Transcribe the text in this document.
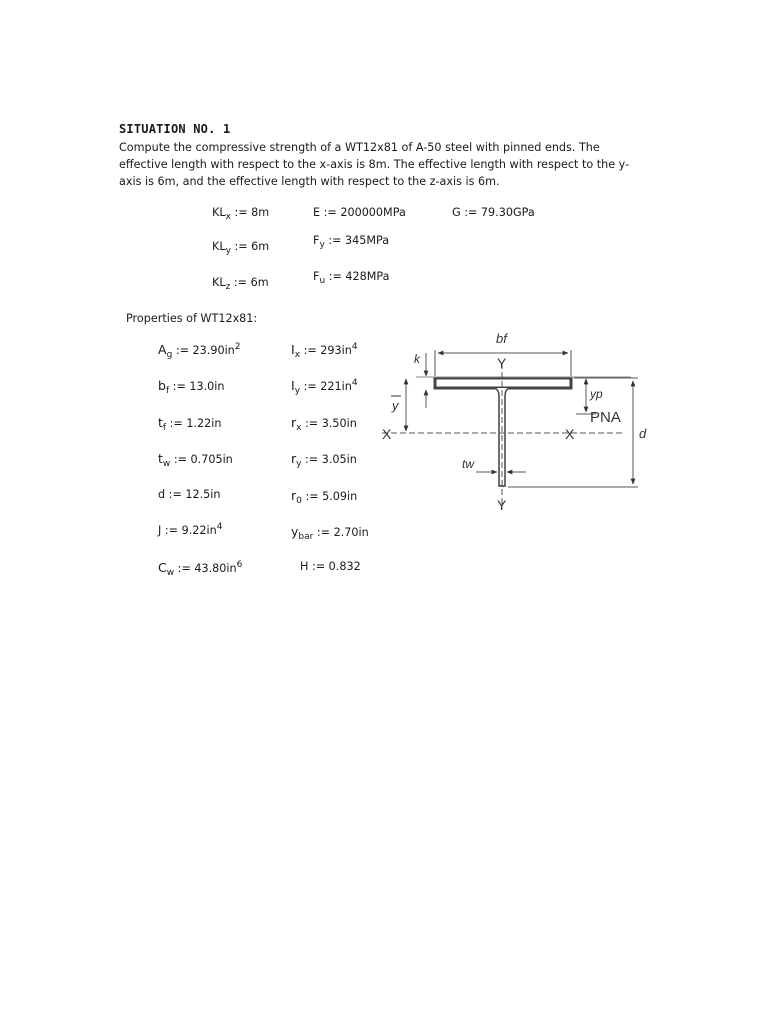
SITUATION NO. 1
Compute the compressive strength of a WT12x81 of A-50 steel with pinned ends. The effective length with respect to the x-axis is 8m. The effective length with respect to the y-axis is 6m, and the effective length with respect to the z-axis is 6m.
$KL_x$ := 8m
$KL_y$ := 6m
$KL_z$ := 6m
E := 200000MPa
$F_y$ := 345MPa
$F_u$ := 428MPa
G := 79.30GPa
Properties of WT12x81:
$A_g$ := $23.90in^2$
$b_f$ := 13.0in
$t_f$ := 1.22in
$t_w$ := 0.705in
d := 12.5in
J := $9.22in^4$
$C_w$ := $43.80in^6$
$I_x$ := $293in^4$
$I_y$ := $221in^4$
$r_x$ := 3.50in
$r_y$ := 3.05in
$r_0$ := 5.09in
$y_{bar}$ := 2.70in
H := 0.832
bf
k	Y
Y
y
yp
PNA
X	X	d
tw
